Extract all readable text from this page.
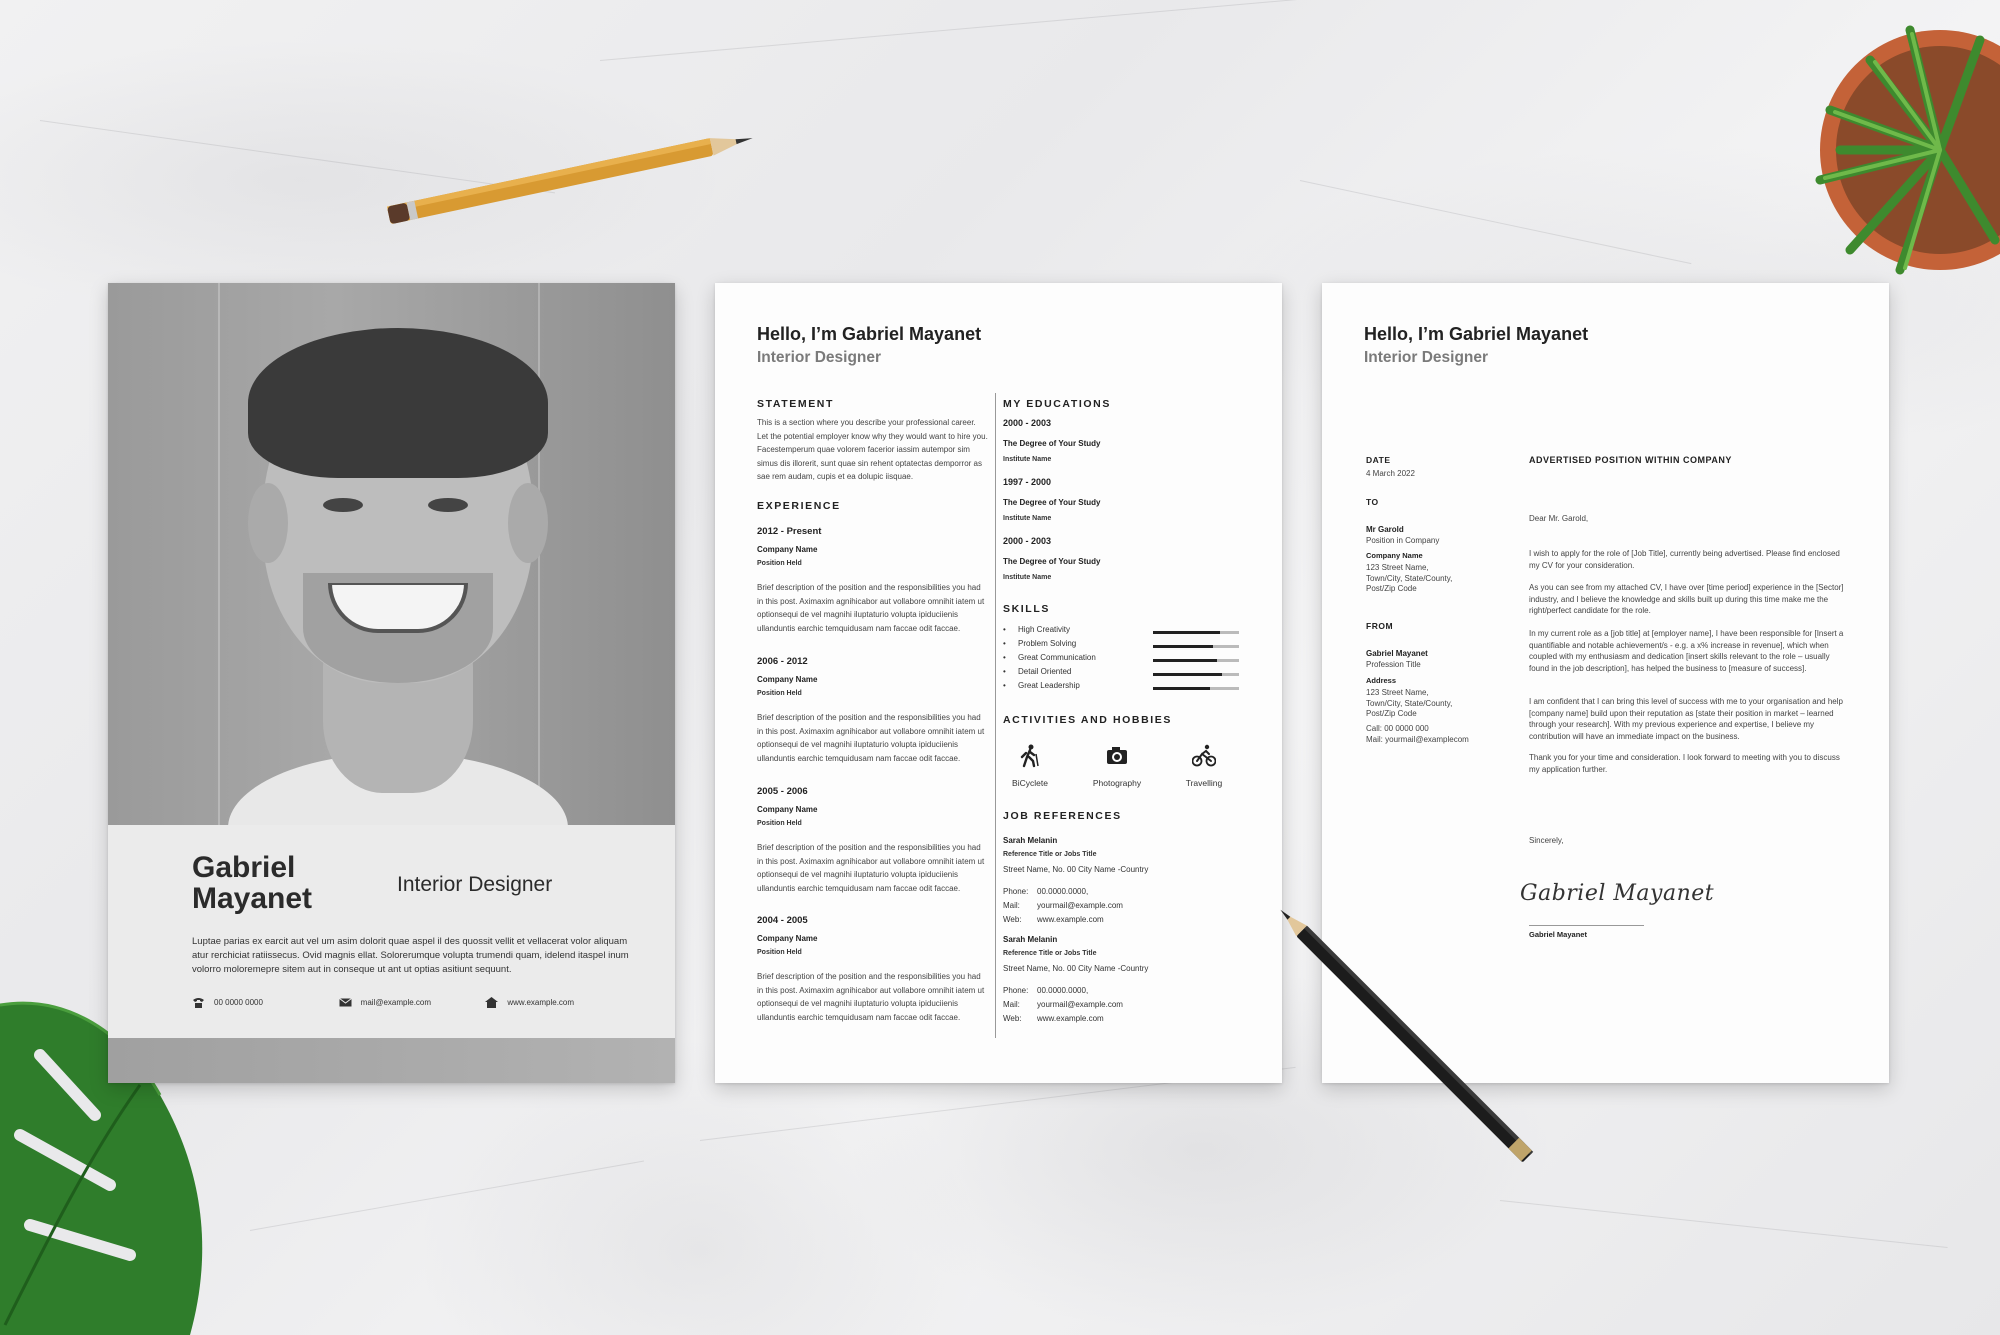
Gabriel
Mayanet	Interior Designer
Luptae parias ex earcit aut vel um asim dolorit quae aspel il des quossit vellit et vellacerat volor aliquam atur rerchiciat ratiissecus. Ovid magnis ellat. Solorerumque volupta trumendi quam, idelend itaspel inum volorro moloremepre sitem aut in conseque ut ant ut optias asitiunt sequunt.
00 0000 0000	mail@example.com	www.example.com
Hello, I’m Gabriel Mayanet
Interior Designer
STATEMENT
This is a section where you describe your professional career. Let the potential employer know why they would want to hire you. Facestemperum quae volorem facerior iassim autempor sim simus dis illorerit, sunt quae sin rehent optatectas demporror as sae rem audam, cupis et ea dolupic iisquae.
EXPERIENCE
2012 - Present
Company Name
Position Held
Brief description of the position and the responsibilities you had in this post. Aximaxim agnihicabor aut vollabore omnihit iatem ut optionsequi de vel magnihi iluptaturio volupta ipiduciienis ullanduntis earchic temquidusam nam faccae odit faccae.
2006 - 2012
Company Name
Position Held
Brief description of the position and the responsibilities you had in this post. Aximaxim agnihicabor aut vollabore omnihit iatem ut optionsequi de vel magnihi iluptaturio volupta ipiduciienis ullanduntis earchic temquidusam nam faccae odit faccae.
2005 - 2006
Company Name
Position Held
Brief description of the position and the responsibilities you had in this post. Aximaxim agnihicabor aut vollabore omnihit iatem ut optionsequi de vel magnihi iluptaturio volupta ipiduciienis ullanduntis earchic temquidusam nam faccae odit faccae.
2004 - 2005
Company Name
Position Held
Brief description of the position and the responsibilities you had in this post. Aximaxim agnihicabor aut vollabore omnihit iatem ut optionsequi de vel magnihi iluptaturio volupta ipiduciienis ullanduntis earchic temquidusam nam faccae odit faccae.
MY EDUCATIONS
2000 - 2003
The Degree of Your Study
Institute Name
1997 - 2000
The Degree of Your Study
Institute Name
2000 - 2003
The Degree of Your Study
Institute Name
SKILLS
ACTIVITIES AND HOBBIES
BiCyclete	Photography	Travelling
JOB REFERENCES
Sarah Melanin
Reference Title or Jobs Title
Street Name, No. 00 City Name -Country
Phone: 00.0000.0000,
Mail: yourmail@example.com
Web: www.example.com
Sarah Melanin
Reference Title or Jobs Title
Street Name, No. 00 City Name -Country
Phone: 00.0000.0000,
Mail: yourmail@example.com
Web: www.example.com
• High Creativity
• Problem Solving
• Great Communication
• Detail Oriented
• Great Leadership
Hello, I’m Gabriel Mayanet
Interior Designer
DATE
4 March 2022
TO
Mr Garold
Position in Company
Company Name
123 Street Name,
Town/City, State/County,
Post/Zip Code
FROM
Gabriel Mayanet
Profession Title
Address
123 Street Name,
Town/City, State/County,
Post/Zip Code
Call: 00 0000 000
Mail: yourmail@examplecom
ADVERTISED POSITION WITHIN COMPANY
Dear Mr. Garold,
I wish to apply for the role of [Job Title], currently being advertised. Please find enclosed my CV for your consideration.
As you can see from my attached CV, I have over [time period] experience in the [Sector] industry, and I believe the knowledge and skills built up during this time make me the right/perfect candidate for the role.
In my current role as a [job title] at [employer name], I have been responsible for [Insert a quantifiable and notable achievement/s - e.g. a x% increase in revenue], which when coupled with my enthusiasm and dedication [insert skills relevant to the role – usually found in the job description], has helped the business to [measure of success].
I am confident that I can bring this level of success with me to your organisation and help [company name] build upon their reputation as [state their position in market – learned through your research]. With my previous experience and expertise, I believe my contribution will have an immediate impact on the business.
Thank you for your time and consideration. I look forward to meeting with you to discuss my application further.
Sincerely,
Gabriel Mayanet
Gabriel Mayanet
